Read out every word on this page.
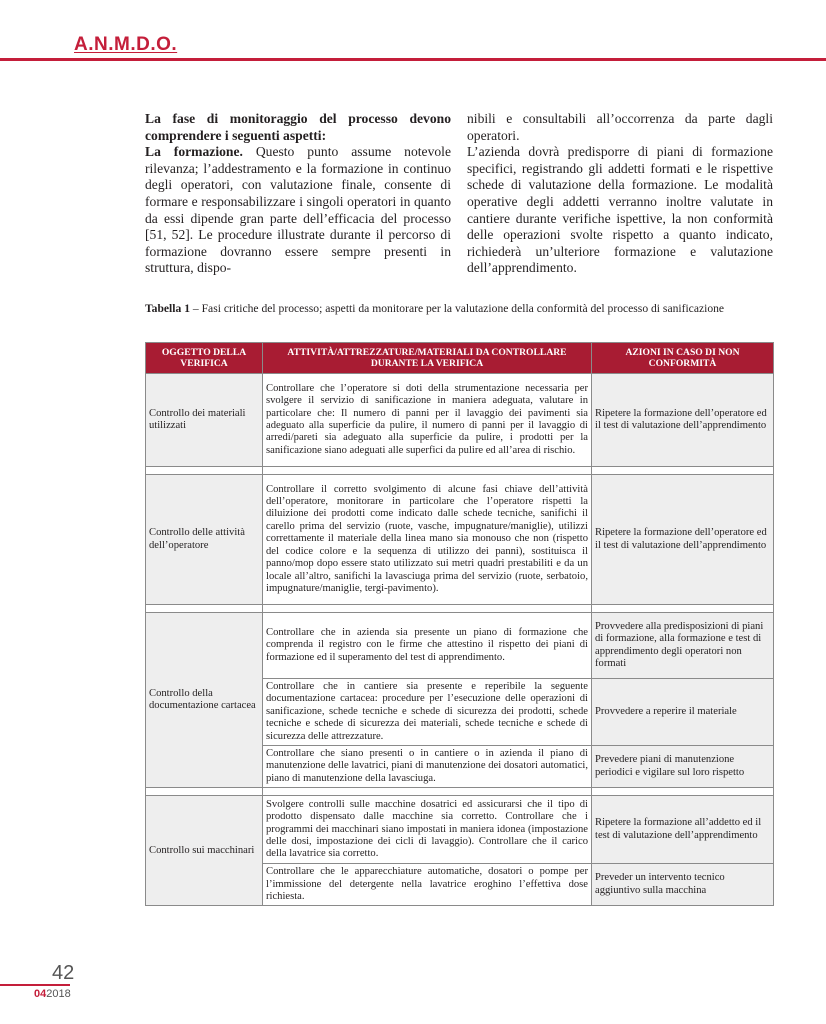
A.N.M.D.O.

La fase di monitoraggio del processo devono comprendere i seguenti aspetti:
La formazione. Questo punto assume notevole rilevanza; l’addestramento e la formazione in continuo degli operatori, con valutazione finale, consente di formare e responsabilizzare i singoli operatori in quanto da essi dipende gran parte dell’efficacia del processo [51, 52]. Le procedure illustrate durante il percorso di formazione dovranno essere sempre presenti in struttura, dispo-

nibili e consultabili all’occorrenza da parte dagli operatori.

L’azienda dovrà predisporre di piani di formazione specifici, registrando gli addetti formati e le rispettive schede di valutazione della formazione. Le modalità operative degli addetti verranno inoltre valutate in cantiere durante verifiche ispettive, la non conformità delle operazioni svolte rispetto a quanto indicato, richiederà un’ulteriore formazione e valutazione dell’apprendimento.

Tabella 1 – Fasi critiche del processo; aspetti da monitorare per la valutazione della conformità del processo di sanificazione
OGGETTO DELLA VERIFICA	ATTIVITÀ/ATTREZZATURE/MATERIALI DA CONTROLLARE DURANTE LA VERIFICA	AZIONI IN CASO DI NON CONFORMITÀ
Controllo dei materiali utilizzati	Controllare che l’operatore si doti della strumentazione necessaria per svolgere il servizio di sanificazione in maniera adeguata, valutare in particolare che: Il numero di panni per il lavaggio dei pavimenti sia adeguato alla superficie da pulire, il numero di panni per il lavaggio di arredi/pareti sia adeguato alla superficie da pulire, i prodotti per la sanificazione siano adeguati alle superfici da pulire ed all’area di rischio.	Ripetere la formazione dell’operatore ed il test di valutazione dell’apprendimento

Controllo delle attività dell’operatore	Controllare il corretto svolgimento di alcune fasi chiave dell’attività dell’operatore, monitorare in particolare che l’operatore rispetti la diluizione dei prodotti come indicato dalle schede tecniche, sanifichi il carello prima del servizio (ruote, vasche, impugnature/maniglie), utilizzi correttamente il materiale della linea mano sia monouso che non (rispetto del codice colore e la sequenza di utilizzo dei panni), sostituisca il panno/mop dopo essere stato utilizzato sui metri quadri prestabiliti e da un locale all’altro, sanifichi la lavasciuga prima del servizio (ruote, serbatoio, impugnature/maniglie, tergi-pavimento).	Ripetere la formazione dell’operatore ed il test di valutazione dell’apprendimento

Controllo della documentazione cartacea	Controllare che in azienda sia presente un piano di formazione che comprenda il registro con le firme che attestino il rispetto dei piani di formazione ed il superamento del test di apprendimento.	Provvedere alla predisposizioni di piani di formazione, alla formazione e test di apprendimento degli operatori non formati
	Controllare che in cantiere sia presente e reperibile la seguente documentazione cartacea: procedure per l’esecuzione delle operazioni di sanificazione, schede tecniche e schede di sicurezza dei prodotti, schede tecniche e schede di sicurezza dei materiali, schede tecniche e schede di sicurezza delle attrezzature.	Provvedere a reperire il materiale
	Controllare che siano presenti o in cantiere o in azienda il piano di manutenzione delle lavatrici, piani di manutenzione dei dosatori automatici, piano di manutenzione della lavasciuga.	Prevedere piani di manutenzione periodici e vigilare sul loro rispetto

Controllo sui macchinari	Svolgere controlli sulle macchine dosatrici ed assicurarsi che il tipo di prodotto dispensato dalle macchine sia corretto. Controllare che i programmi dei macchinari siano impostati in maniera idonea (impostazione delle dosi, impostazione dei cicli di lavaggio). Controllare che il carico della lavatrice sia corretto.	Ripetere la formazione all’addetto ed il test di valutazione dell’apprendimento
	Controllare che le apparecchiature automatiche, dosatori o pompe per l’immissione del detergente nella lavatrice eroghino l’effettiva dose richiesta.	Preveder un intervento tecnico aggiuntivo sulla macchina
42
042018
